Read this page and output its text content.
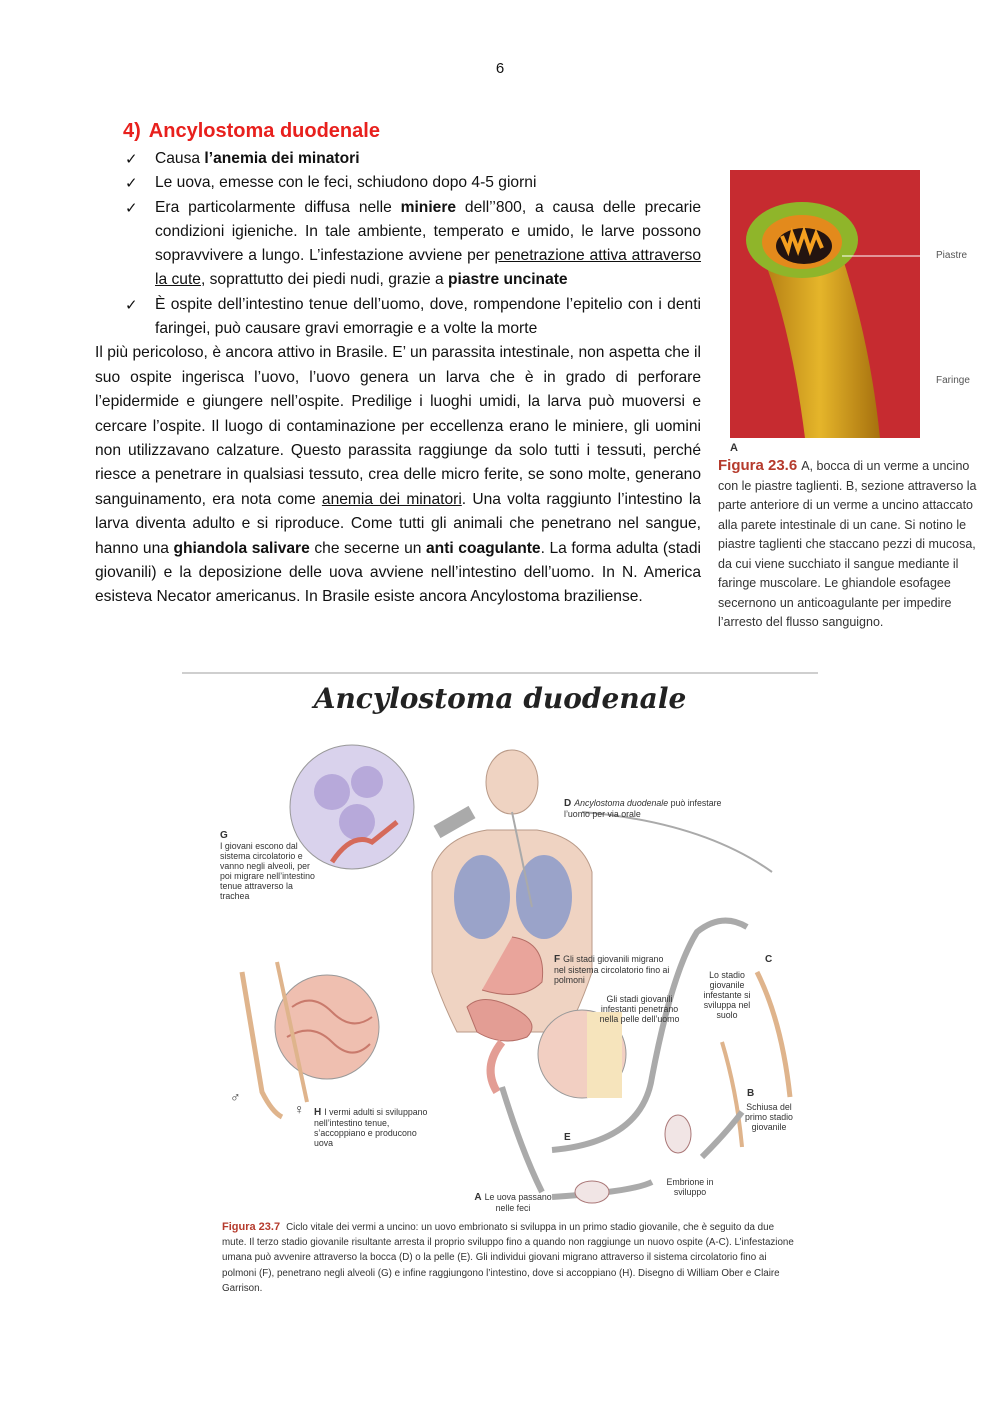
6
4) Ancylostoma duodenale
✓ Causa l’anemia dei minatori
✓ Le uova, emesse con le feci, schiudono dopo 4-5 giorni
✓ Era particolarmente diffusa nelle miniere dell’’800, a causa delle precarie condizioni igieniche. In tale ambiente, temperato e umido, le larve possono sopravvivere a lungo. L’infestazione avviene per penetrazione attiva attraverso la cute, soprattutto dei piedi nudi, grazie a piastre uncinate
✓ È ospite dell’intestino tenue dell’uomo, dove, rompendone l’epitelio con i denti faringei, può causare gravi emorragie e a volte la morte

Il più pericoloso, è ancora attivo in Brasile. E’ un parassita intestinale, non aspetta che il suo ospite ingerisca l’uovo, l’uovo genera un larva che è in grado di perforare l’epidermide e giungere nell’ospite. Predilige i luoghi umidi, la larva può muoversi e cercare l’ospite. Il luogo di contaminazione per eccellenza erano le miniere, gli uomini non utilizzavano calzature. Questo parassita raggiunge da solo tutti i tessuti, perché riesce a penetrare in qualsiasi tessuto, crea delle micro ferite, se sono molte, generano sanguinamento, era nota come anemia dei minatori. Una volta raggiunto l’intestino la larva diventa adulto e si riproduce. Come tutti gli animali che penetrano nel sangue, hanno una ghiandola salivare che secerne un anti coagulante. La forma adulta (stadi giovanili) e la deposizione delle uova avviene nell’intestino dell’uomo. In N. America esisteva Necator americanus. In Brasile esiste ancora Ancylostoma braziliense.

Piastre
Faringe
A
Figura 23.6 A, bocca di un verme a uncino con le piastre taglienti. B, sezione attraverso la parte anteriore di un verme a uncino attaccato alla parete intestinale di un cane. Si notino le piastre taglienti che staccano pezzi di mucosa, da cui viene succhiato il sangue mediante il faringe muscolare. Le ghiandole esofagee secernono un anticoagulante per impedire l’arresto del flusso sanguigno.
Ancylostoma duodenale
G
I giovani escono dal sistema circolatorio e vanno negli alveoli, per poi migrare nell’intestino tenue attraverso la trachea
D Ancylostoma duodenale può infestare l’uomo per via orale
F Gli stadi giovanili migrano nel sistema circolatorio fino ai polmoni
Gli stadi giovanili infestanti penetrano nella pelle dell’uomo
Lo stadio giovanile infestante si sviluppa nel suolo
C
B
Schiusa del primo stadio giovanile
H I vermi adulti si sviluppano nell’intestino tenue, s’accoppiano e producono uova	E
Embrione in sviluppo
A Le uova passano nelle feci
♂
♀
Figura 23.7 Ciclo vitale dei vermi a uncino: un uovo embrionato si sviluppa in un primo stadio giovanile, che è seguito da due mute. Il terzo stadio giovanile risultante arresta il proprio sviluppo fino a quando non raggiunge un nuovo ospite (A-C). L’infestazione umana può avvenire attraverso la bocca (D) o la pelle (E). Gli individui giovani migrano attraverso il sistema circolatorio fino ai polmoni (F), penetrano negli alveoli (G) e infine raggiungono l’intestino, dove si accoppiano (H). Disegno di William Ober e Claire Garrison.
